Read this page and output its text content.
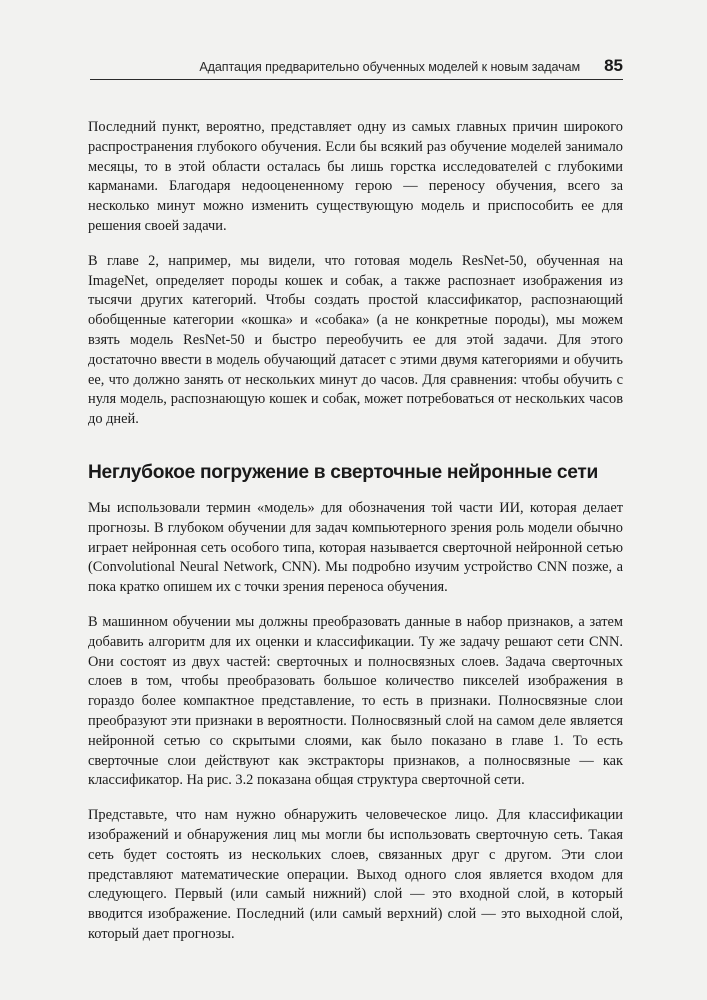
Адаптация предварительно обученных моделей к новым задачам 85

Последний пункт, вероятно, представляет одну из самых главных причин широкого распространения глубокого обучения. Если бы всякий раз обучение моделей занимало месяцы, то в этой области осталась бы лишь горстка исследователей с глубокими карманами. Благодаря недооцененному герою — переносу обучения, всего за несколько минут можно изменить существующую модель и приспособить ее для решения своей задачи.

В главе 2, например, мы видели, что готовая модель ResNet-50, обученная на ImageNet, определяет породы кошек и собак, а также распознает изображения из тысячи других категорий. Чтобы создать простой классификатор, распознающий обобщенные категории «кошка» и «собака» (а не конкретные породы), мы можем взять модель ResNet-50 и быстро переобучить ее для этой задачи. Для этого достаточно ввести в модель обучающий датасет с этими двумя категориями и обучить ее, что должно занять от нескольких минут до часов. Для сравнения: чтобы обучить с нуля модель, распознающую кошек и собак, может потребоваться от нескольких часов до дней.

Неглубокое погружение в сверточные нейронные сети

Мы использовали термин «модель» для обозначения той части ИИ, которая делает прогнозы. В глубоком обучении для задач компьютерного зрения роль модели обычно играет нейронная сеть особого типа, которая называется сверточной нейронной сетью (Convolutional Neural Network, CNN). Мы подробно изучим устройство CNN позже, а пока кратко опишем их с точки зрения переноса обучения.

В машинном обучении мы должны преобразовать данные в набор признаков, а затем добавить алгоритм для их оценки и классификации. Ту же задачу решают сети CNN. Они состоят из двух частей: сверточных и полносвязных слоев. Задача сверточных слоев в том, чтобы преобразовать большое количество пикселей изображения в гораздо более компактное представление, то есть в признаки. Полносвязные слои преобразуют эти признаки в вероятности. Полносвязный слой на самом деле является нейронной сетью со скрытыми слоями, как было показано в главе 1. То есть сверточные слои действуют как экстракторы признаков, а полносвязные — как классификатор. На рис. 3.2 показана общая структура сверточной сети.

Представьте, что нам нужно обнаружить человеческое лицо. Для классификации изображений и обнаружения лиц мы могли бы использовать сверточную сеть. Такая сеть будет состоять из нескольких слоев, связанных друг с другом. Эти слои представляют математические операции. Выход одного слоя является входом для следующего. Первый (или самый нижний) слой — это входной слой, в который вводится изображение. Последний (или самый верхний) слой — это выходной слой, который дает прогнозы.
